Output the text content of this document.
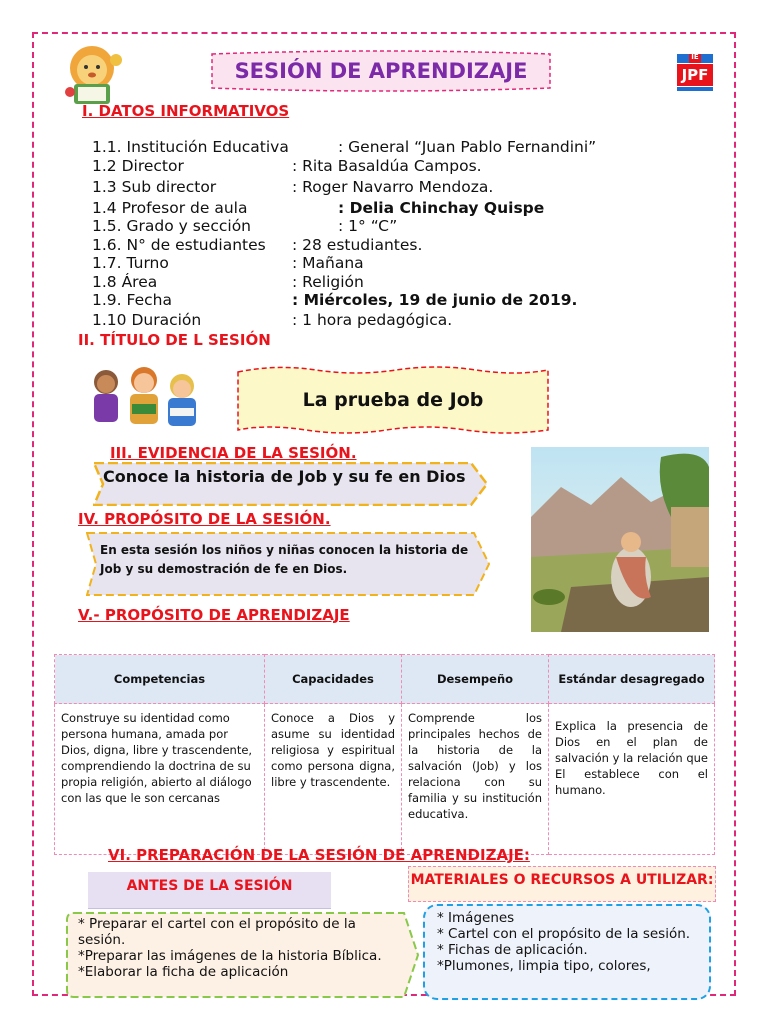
SESIÓN DE APRENDIZAJE
IE
JPF
I. DATOS INFORMATIVOS
1.1. Institución Educativa	: General “Juan Pablo Fernandini”
1.2 Director	: Rita Basaldúa Campos.
1.3 Sub director	: Roger Navarro Mendoza.
1.4 Profesor de aula	: Delia Chinchay Quispe
1.5. Grado y sección	: 1° “C”
1.6. N° de estudiantes : 28 estudiantes.
1.7. Turno	: Mañana
1.8 Área	: Religión
1.9. Fecha	: Miércoles, 19 de junio de 2019.
1.10 Duración	: 1 hora pedagógica.
II. TÍTULO DE L SESIÓN
La prueba de Job
III. EVIDENCIA DE LA SESIÓN.
Conoce la historia de Job y su fe en Dios
IV. PROPÓSITO DE LA SESIÓN.
En esta sesión los niños y niñas conocen la historia de Job y su demostración de fe en Dios.
V.- PROPÓSITO DE APRENDIZAJE
Competencias	Capacidades	Desempeño	Estándar desagregado
Construye su identidad como persona humana, amada por Dios, digna, libre y trascendente, comprendiendo la doctrina de su propia religión, abierto al diálogo con las que le son cercanas	Conoce a Dios y asume su identidad religiosa y espiritual como persona digna, libre y trascendente.	Comprende los principales hechos de la historia de la salvación (Job) y los relaciona con su familia y su institución educativa.	Explica la presencia de Dios en el plan de salvación y la relación que El establece con el humano.
VI. PREPARACIÓN DE LA SESIÓN DE APRENDIZAJE:
ANTES DE LA SESIÓN	MATERIALES O RECURSOS A UTILIZAR:
* Preparar el cartel con el propósito de la sesión.
*Preparar las imágenes de la historia Bíblica.
*Elaborar la ficha de aplicación
* Imágenes
* Cartel con el propósito de la sesión.
* Fichas de aplicación.
*Plumones, limpia tipo, colores,
